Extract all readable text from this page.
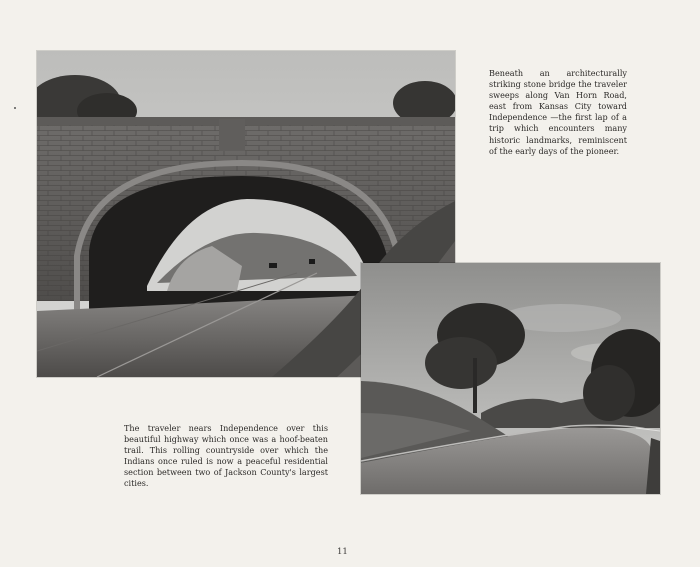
Beneath an architecturally striking stone bridge the traveler sweeps along Van Horn Road, east from Kansas City toward Independence —the first lap of a trip which encounters many historic landmarks, reminiscent of the early days of the pioneer.

The traveler nears Independence over this beautiful highway which once was a hoof-beaten trail. This rolling countryside over which the Indians once ruled is now a peaceful residential section between two of Jackson County's largest cities.

11
